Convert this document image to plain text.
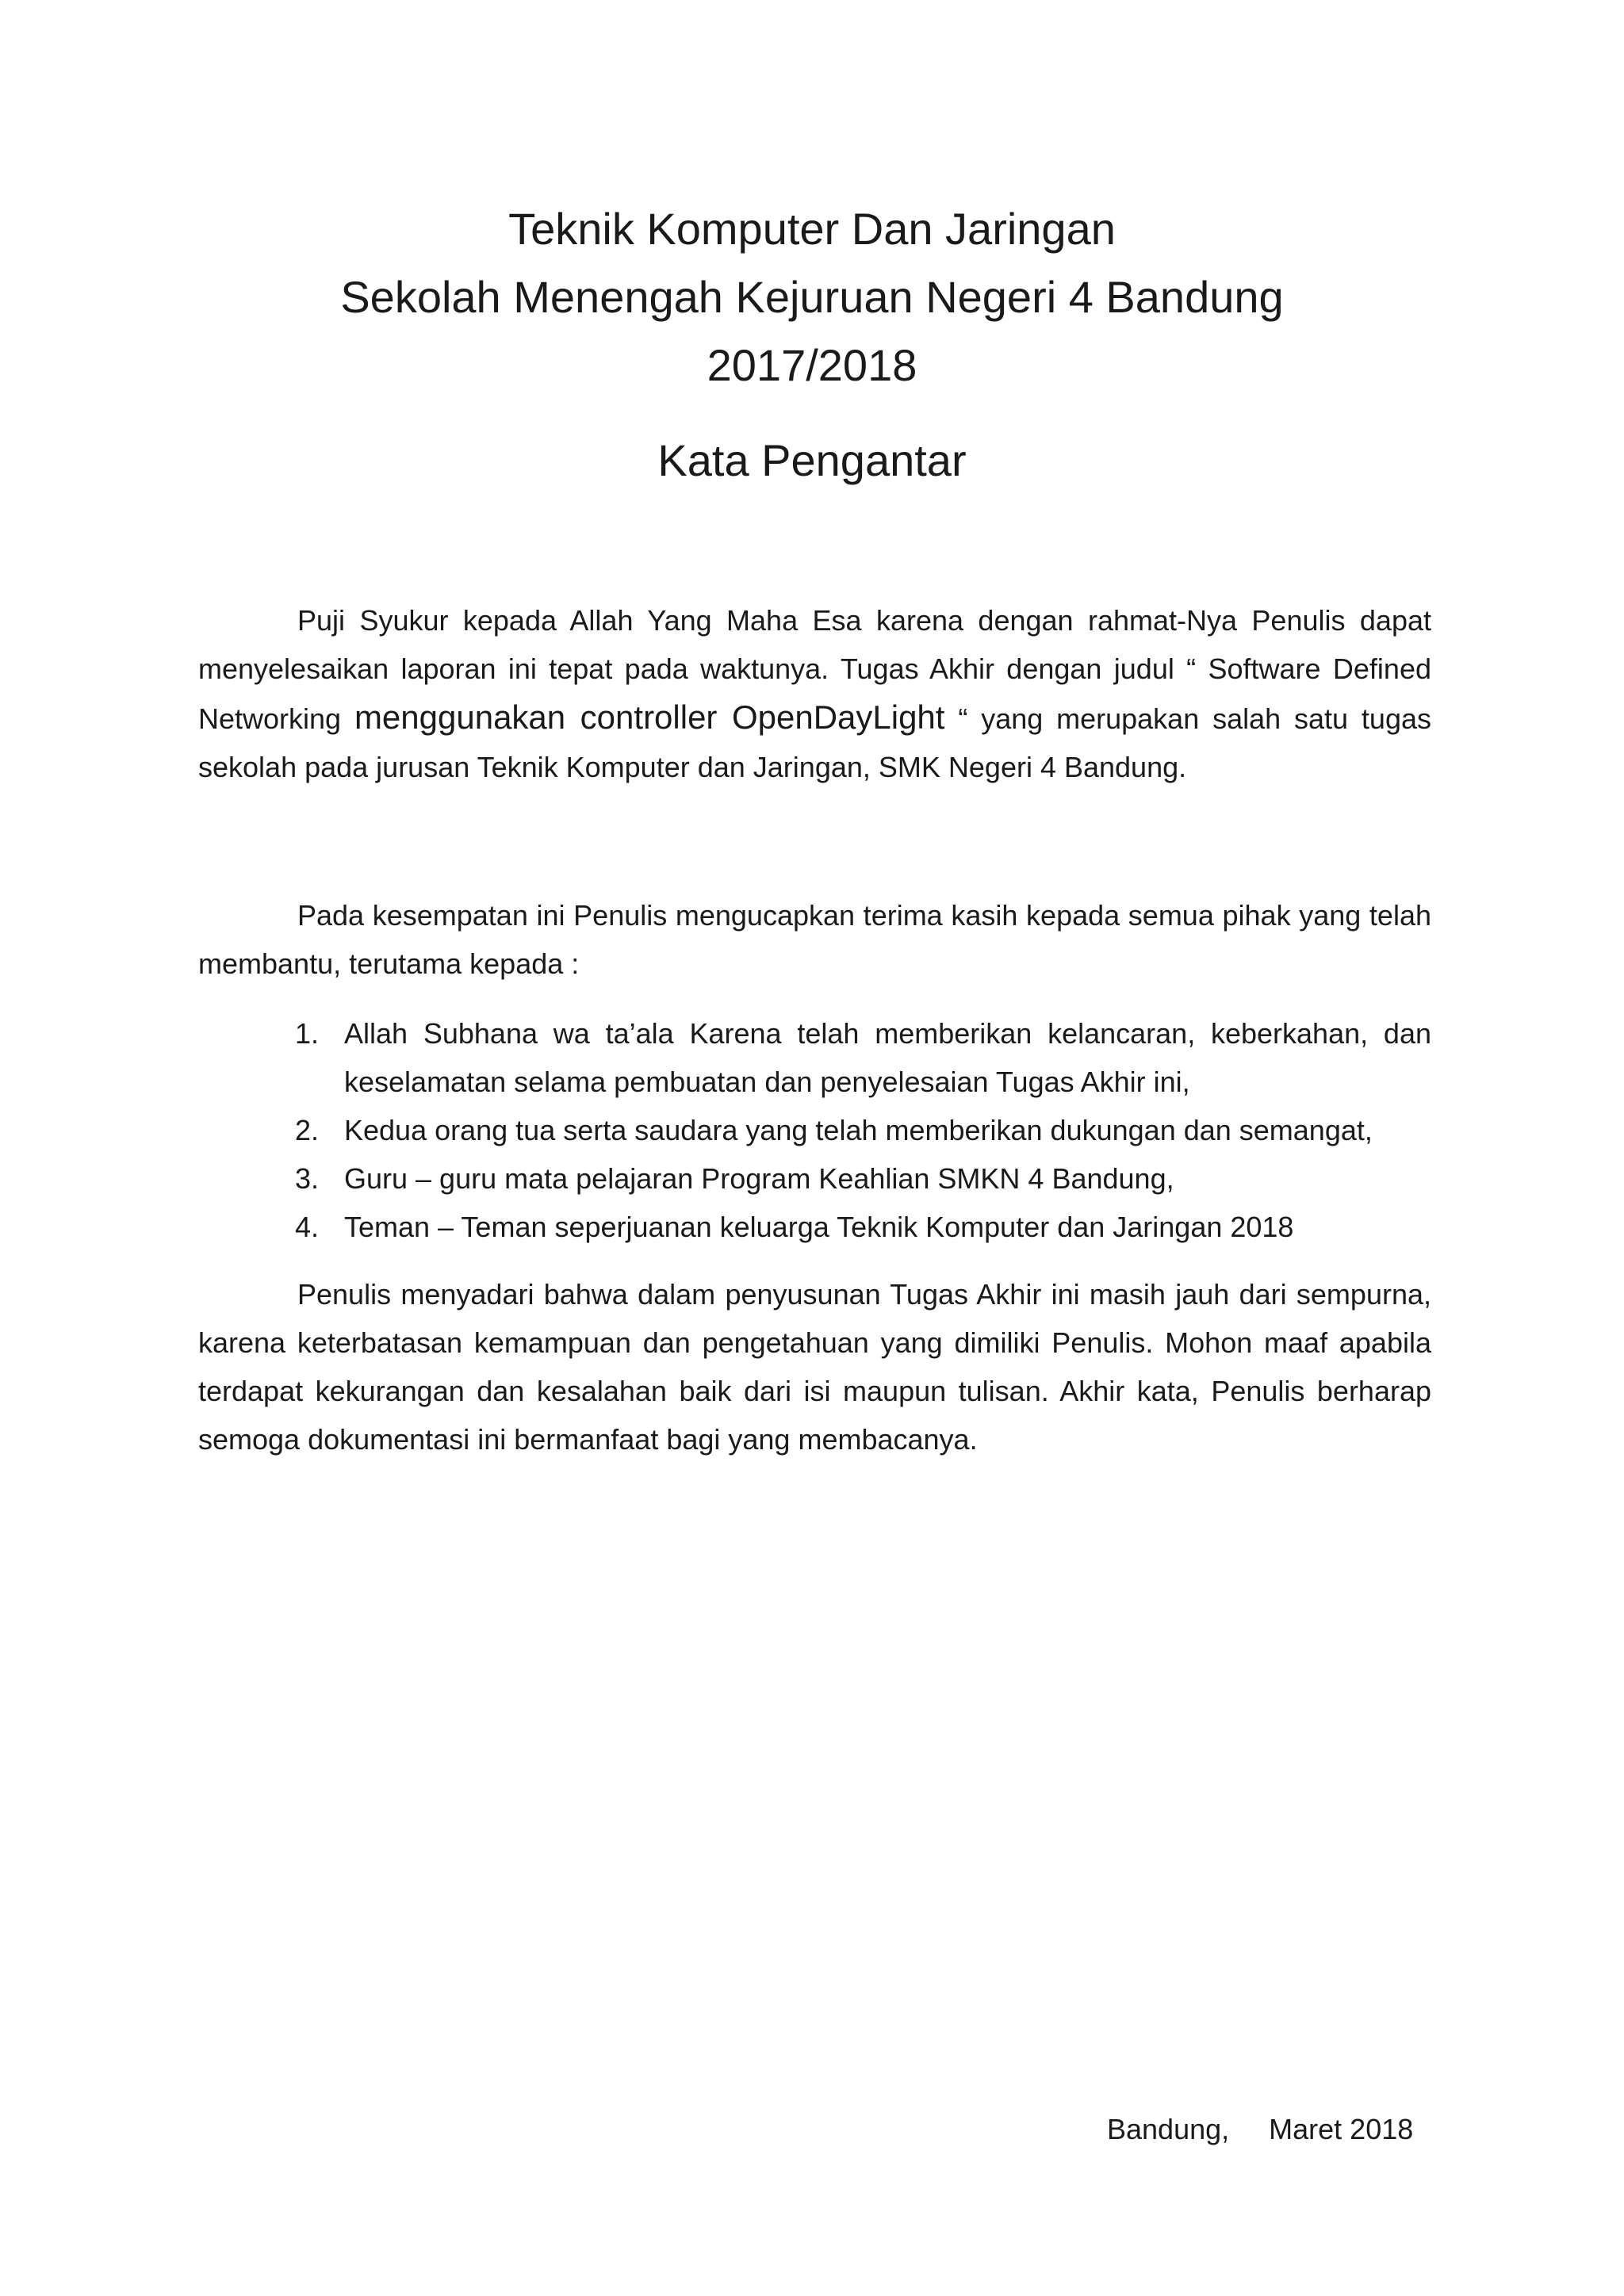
Teknik Komputer Dan Jaringan
Sekolah Menengah Kejuruan Negeri 4 Bandung
2017/2018
Kata Pengantar

Puji Syukur kepada Allah Yang Maha Esa karena dengan rahmat-Nya Penulis dapat menyelesaikan laporan ini tepat pada waktunya. Tugas Akhir dengan judul “ Software Defined Networking menggunakan controller OpenDayLight “ yang merupakan salah satu tugas sekolah pada jurusan Teknik Komputer dan Jaringan, SMK Negeri 4 Bandung.

Pada kesempatan ini Penulis mengucapkan terima kasih kepada semua pihak yang telah membantu, terutama kepada :

1. Allah Subhana wa ta’ala Karena telah memberikan kelancaran, keberkahan, dan keselamatan selama pembuatan dan penyelesaian Tugas Akhir ini,
2. Kedua orang tua serta saudara yang telah memberikan dukungan dan semangat,
3. Guru – guru mata pelajaran Program Keahlian SMKN 4 Bandung,
4. Teman – Teman seperjuanan keluarga Teknik Komputer dan Jaringan 2018

Penulis menyadari bahwa dalam penyusunan Tugas Akhir ini masih jauh dari sempurna, karena keterbatasan kemampuan dan pengetahuan yang dimiliki Penulis. Mohon maaf apabila terdapat kekurangan dan kesalahan baik dari isi maupun tulisan. Akhir kata, Penulis berharap semoga dokumentasi ini bermanfaat bagi yang membacanya.

Bandung,     Maret 2018
